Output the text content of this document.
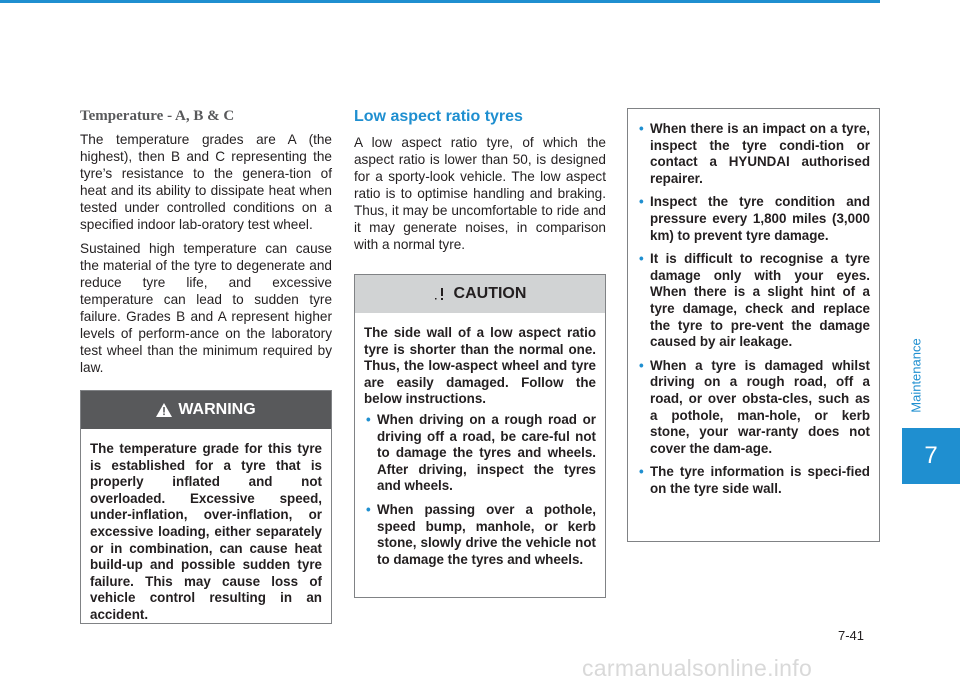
Temperature - A, B & C

The temperature grades are A (the highest), then B and C representing the tyre’s resistance to the genera-tion of heat and its ability to dissipate heat when tested under controlled conditions on a specified indoor lab-oratory test wheel.

Sustained high temperature can cause the material of the tyre to degenerate and reduce tyre life, and excessive temperature can lead to sudden tyre failure. Grades B and A represent higher levels of perform-ance on the laboratory test wheel than the minimum required by law.

WARNING

The temperature grade for this tyre is established for a tyre that is properly inflated and not overloaded. Excessive speed, under-inflation, over-inflation, or excessive loading, either separately or in combination, can cause heat build-up and possible sudden tyre failure. This may cause loss of vehicle control resulting in an accident.

Low aspect ratio tyres

A low aspect ratio tyre, of which the aspect ratio is lower than 50, is designed for a sporty-look vehicle. The low aspect ratio is to optimise handling and braking. Thus, it may be uncomfortable to ride and it may generate noises, in comparison with a normal tyre.

CAUTION

The side wall of a low aspect ratio tyre is shorter than the normal one. Thus, the low-aspect wheel and tyre are easily damaged. Follow the below instructions.

• When driving on a rough road or driving off a road, be care-ful not to damage the tyres and wheels. After driving, inspect the tyres and wheels.
• When passing over a pothole, speed bump, manhole, or kerb stone, slowly drive the vehicle not to damage the tyres and wheels.
• When there is an impact on a tyre, inspect the tyre condi-tion or contact a HYUNDAI authorised repairer.
• Inspect the tyre condition and pressure every 1,800 miles (3,000 km) to prevent tyre damage.
• It is difficult to recognise a tyre damage only with your eyes. When there is a slight hint of a tyre damage, check and replace the tyre to pre-vent the damage caused by air leakage.
• When a tyre is damaged whilst driving on a rough road, off a road, or over obsta-cles, such as a pothole, man-hole, or kerb stone, your war-ranty does not cover the dam-age.
• The tyre information is speci-fied on the tyre side wall.
Maintenance
7
7-41
carmanualsonline.info
